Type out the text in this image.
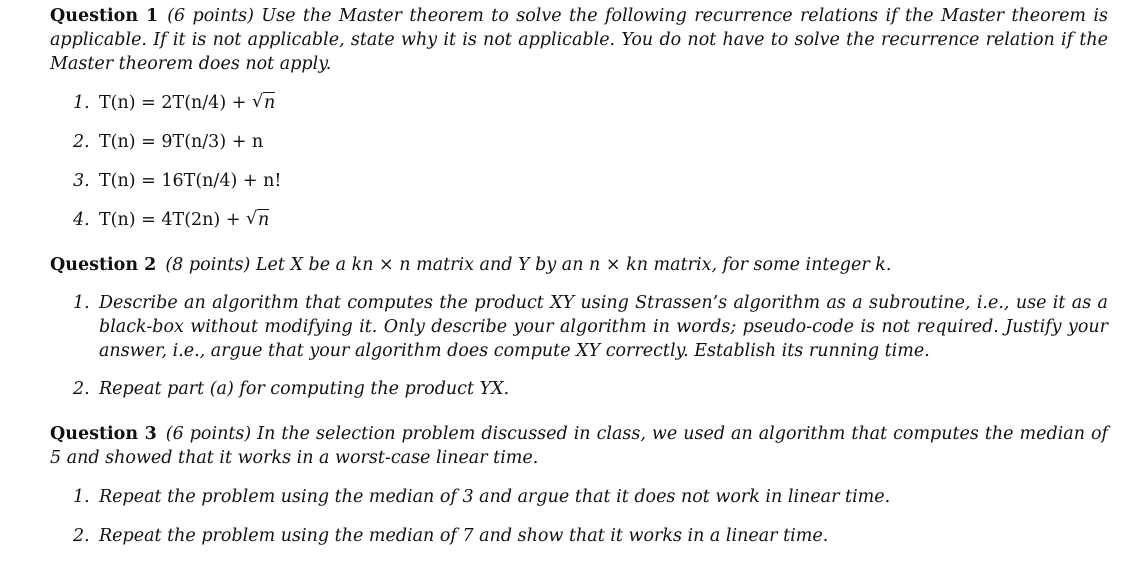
Question 1 (6 points) Use the Master theorem to solve the following recurrence relations if the Master theorem is applicable. If it is not applicable, state why it is not applicable. You do not have to solve the recurrence relation if the Master theorem does not apply.
1. T(n) = 2T(n/4) + √ n
2. T(n) = 9T(n/3) + n
3. T(n) = 16T(n/4) + n!
4. T(n) = 4T(2n) + √ n
Question 2 (8 points) Let X be a kn × n matrix and Y by an n × kn matrix, for some integer k.
1. Describe an algorithm that computes the product XY using Strassen’s algorithm as a subroutine, i.e., use it as a black-box without modifying it. Only describe your algorithm in words; pseudo-code is not required. Justify your answer, i.e., argue that your algorithm does compute XY correctly. Establish its running time.
2. Repeat part (a) for computing the product YX.
Question 3 (6 points) In the selection problem discussed in class, we used an algorithm that computes the median of 5 and showed that it works in a worst-case linear time.
1. Repeat the problem using the median of 3 and argue that it does not work in linear time.
2. Repeat the problem using the median of 7 and show that it works in a linear time.
